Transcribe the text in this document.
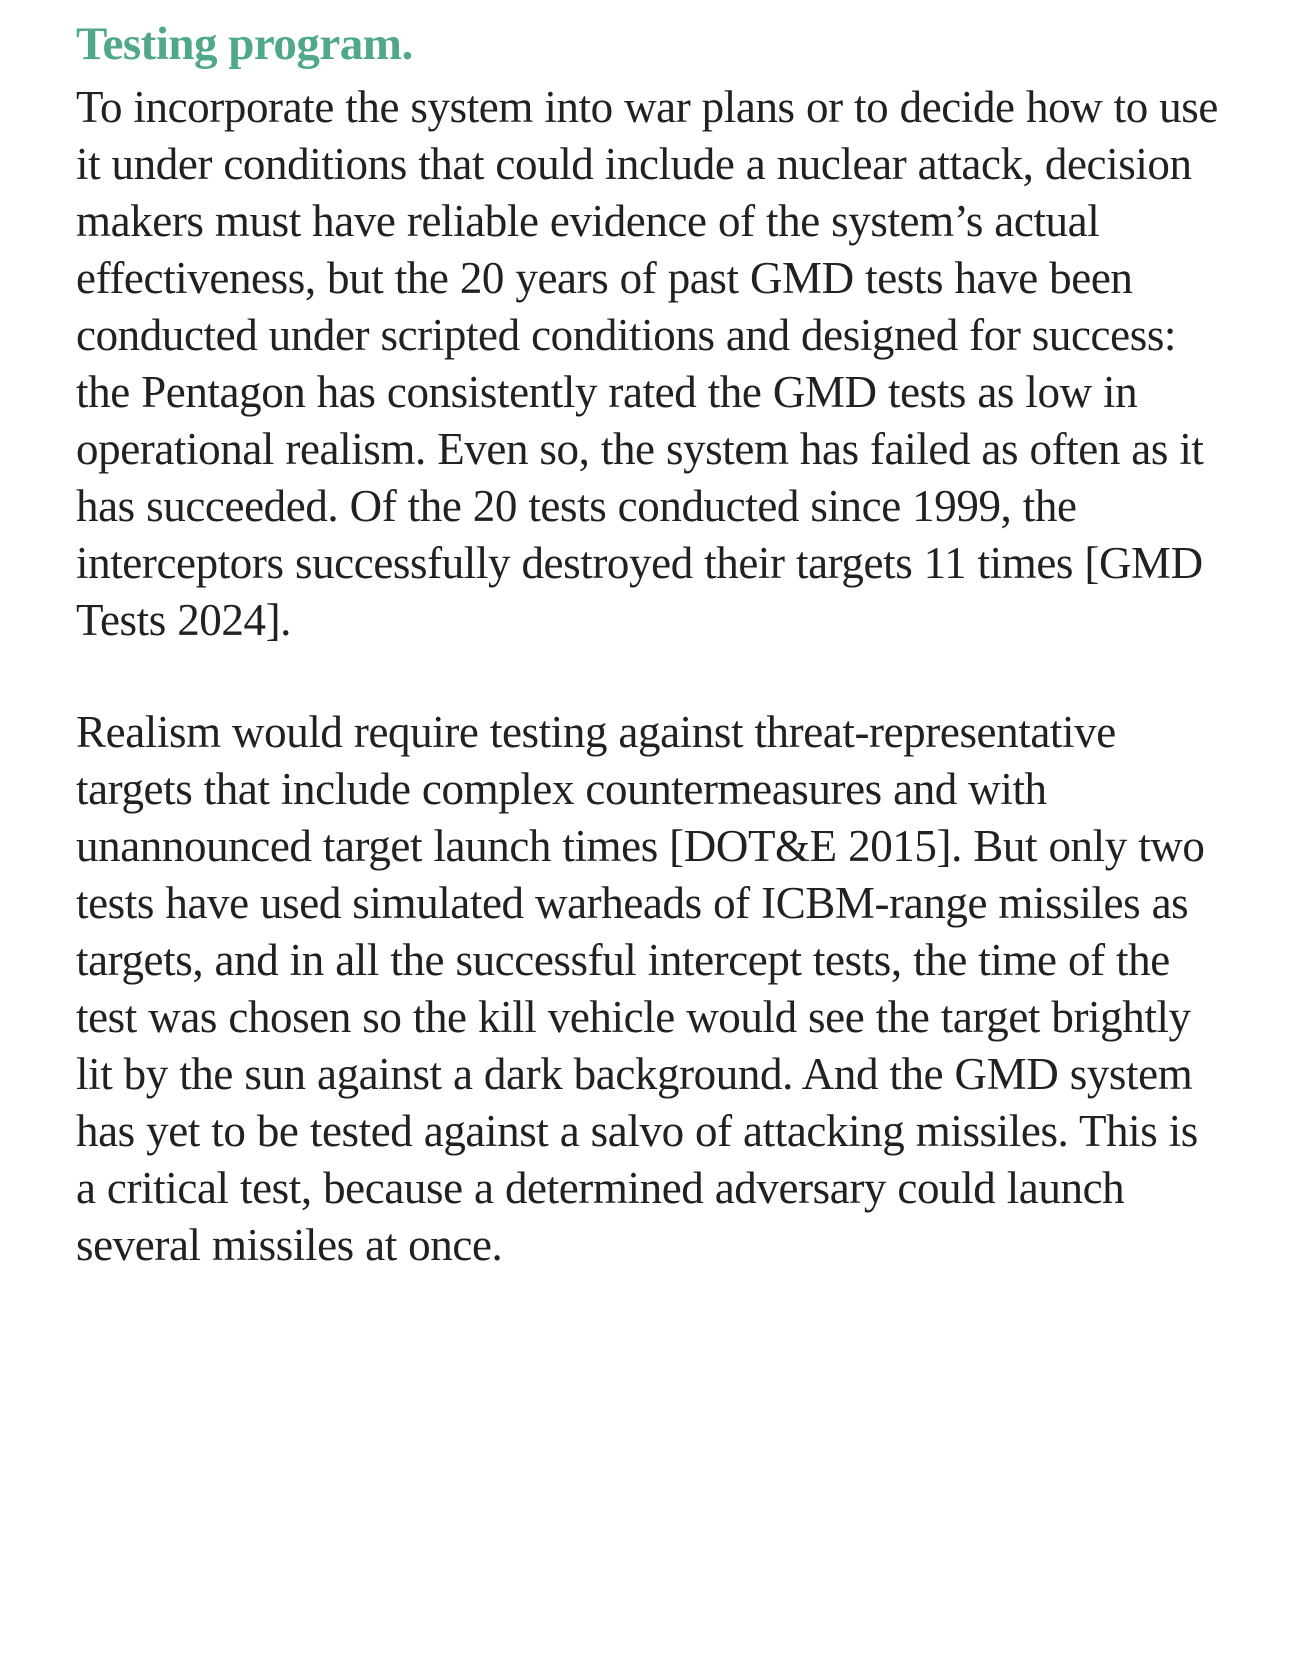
Testing program.

To incorporate the system into war plans or to decide how to use it under conditions that could include a nuclear attack, decision makers must have reliable evidence of the system’s actual effectiveness, but the 20 years of past GMD tests have been conducted under scripted conditions and designed for success: the Pentagon has consistently rated the GMD tests as low in operational realism. Even so, the system has failed as often as it has succeeded. Of the 20 tests conducted since 1999, the interceptors successfully destroyed their targets 11 times [GMD Tests 2024].

Realism would require testing against threat-representative targets that include complex countermeasures and with unannounced target launch times [DOT&E 2015]. But only two tests have used simulated warheads of ICBM-range missiles as targets, and in all the successful intercept tests, the time of the test was chosen so the kill vehicle would see the target brightly lit by the sun against a dark background. And the GMD system has yet to be tested against a salvo of attacking missiles. This is a critical test, because a determined adversary could launch several missiles at once.
